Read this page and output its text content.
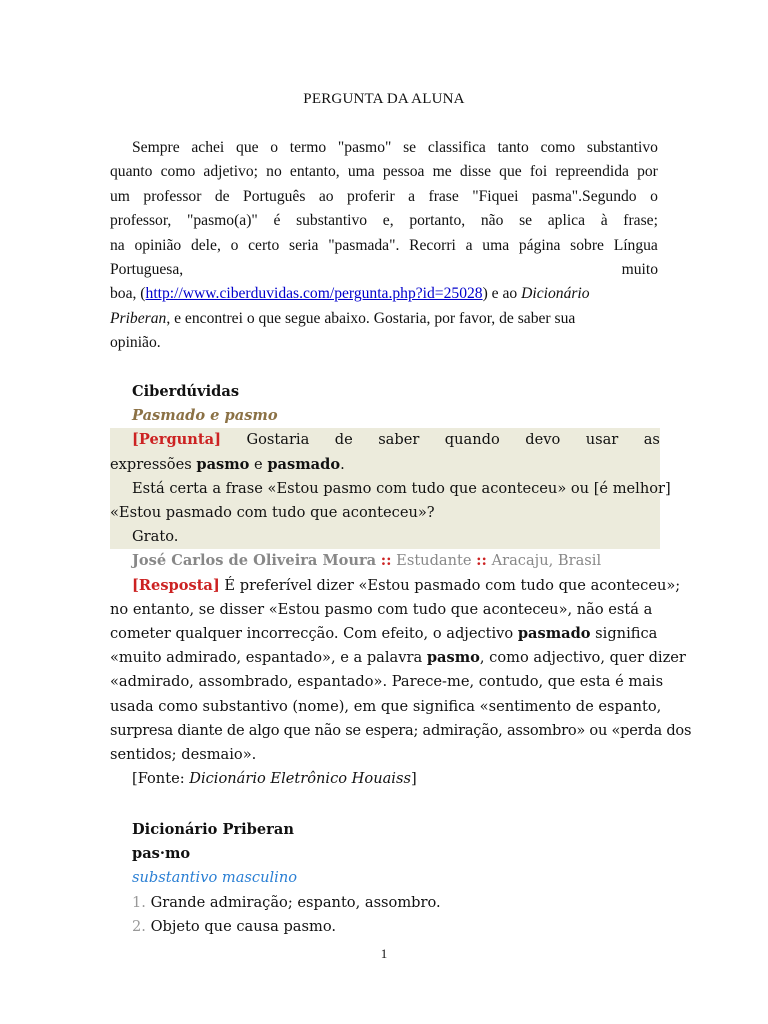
PERGUNTA DA ALUNA
Sempre achei que o termo "pasmo" se classifica tanto como substantivo
quanto como adjetivo; no entanto, uma pessoa me disse que foi repreendida por
um professor de Português ao proferir a frase "Fiquei pasma".Segundo o
professor, "pasmo(a)" é substantivo e, portanto, não se aplica à frase;
na opinião dele, o certo seria "pasmada". Recorri a uma página sobre Língua
Portuguesa,	muito
boa, (http://www.ciberduvidas.com/pergunta.php?id=25028) e ao Dicionário
Priberan, e encontrei o que segue abaixo. Gostaria, por favor, de saber sua
opinião.
Ciberdúvidas
Pasmado e pasmo
[Pergunta] Gostaria de saber quando devo usar as
expressões pasmo e pasmado.
Está certa a frase «Estou pasmo com tudo que aconteceu» ou [é melhor]
«Estou pasmado com tudo que aconteceu»?
Grato.
José Carlos de Oliveira Moura :: Estudante :: Aracaju, Brasil
[Resposta] É preferível dizer «Estou pasmado com tudo que aconteceu»;
no entanto, se disser «Estou pasmo com tudo que aconteceu», não está a
cometer qualquer incorrecção. Com efeito, o adjectivo pasmado significa
«muito admirado, espantado», e a palavra pasmo, como adjectivo, quer dizer
«admirado, assombrado, espantado». Parece-me, contudo, que esta é mais
usada como substantivo (nome), em que significa «sentimento de espanto,
surpresa diante de algo que não se espera; admiração, assombro» ou «perda dos
sentidos; desmaio».
[Fonte: Dicionário Eletrônico Houaiss]
Dicionário Priberan
pas·mo
substantivo masculino
1. Grande admiração; espanto, assombro.
2. Objeto que causa pasmo.
1
